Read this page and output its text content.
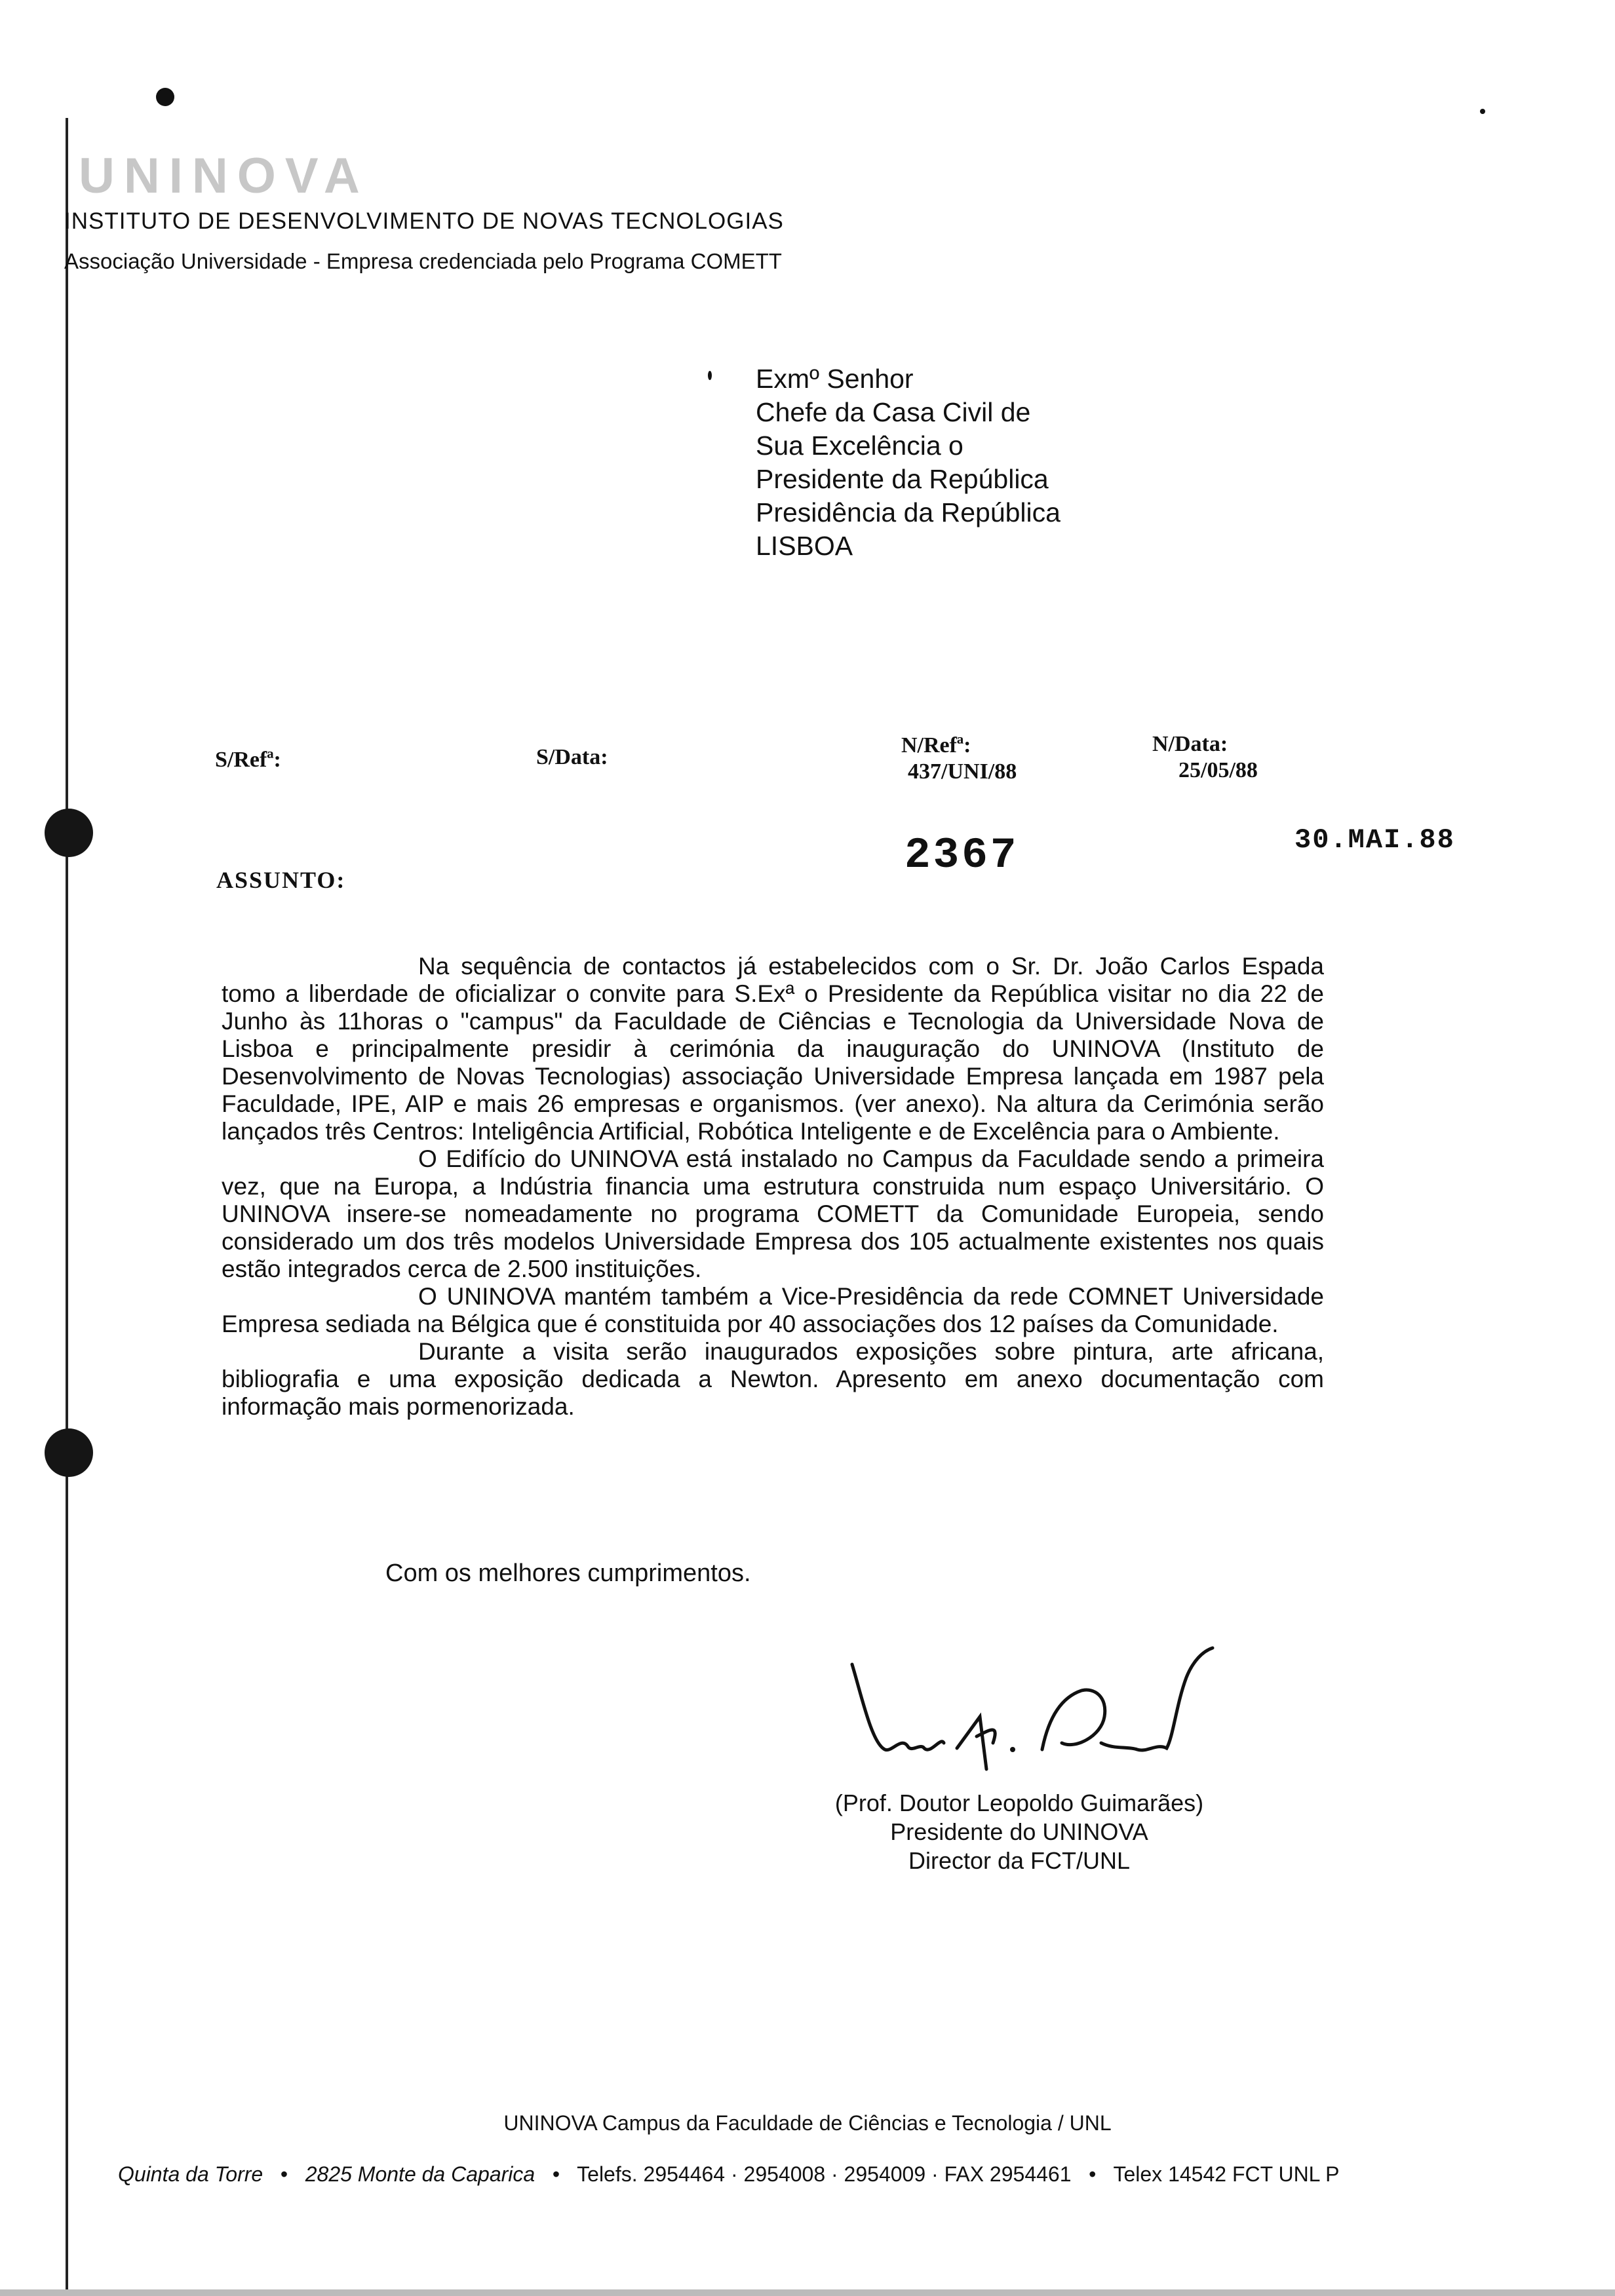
UNINOVA
INSTITUTO DE DESENVOLVIMENTO DE NOVAS TECNOLOGIAS
Associação Universidade - Empresa credenciada pelo Programa COMETT
Exmº Senhor
Chefe da Casa Civil de
Sua Excelência o
Presidente da República
Presidência da República
LISBOA
S/Refª:	S/Data:	N/Refª:
437/UNI/88
N/Data:
25/05/88
2367	30.MAI.88
ASSUNTO:

Na sequência de contactos já estabelecidos com o Sr. Dr. João Carlos Espada tomo a liberdade de oficializar o convite para S.Exª o Presidente da República visitar no dia 22 de Junho às 11horas o "campus" da Faculdade de Ciências e Tecnologia da Universidade Nova de Lisboa e principalmente presidir à cerimónia da inauguração do UNINOVA (Instituto de Desenvolvimento de Novas Tecnologias) associação Universidade Empresa lançada em 1987 pela Faculdade, IPE, AIP e mais 26 empresas e organismos. (ver anexo). Na altura da Cerimónia serão lançados três Centros: Inteligência Artificial, Robótica Inteligente e de Excelência para o Ambiente.

O Edifício do UNINOVA está instalado no Campus da Faculdade sendo a primeira vez, que na Europa, a Indústria financia uma estrutura construida num espaço Universitário. O UNINOVA insere-se nomeadamente no programa COMETT da Comunidade Europeia, sendo considerado um dos três modelos Universidade Empresa dos 105 actualmente existentes nos quais estão integrados cerca de 2.500 instituições.

O UNINOVA mantém também a Vice-Presidência da rede COMNET Universidade Empresa sediada na Bélgica que é constituida por 40 associações dos 12 países da Comunidade.

Durante a visita serão inaugurados exposições sobre pintura, arte africana, bibliografia e uma exposição dedicada a Newton. Apresento em anexo documentação com informação mais pormenorizada.

Com os melhores cumprimentos.
(Prof. Doutor Leopoldo Guimarães)
Presidente do UNINOVA
Director da FCT/UNL
UNINOVA Campus da Faculdade de Ciências e Tecnologia / UNL
Quinta da Torre   •   2825 Monte da Caparica   •   Telefs. 2954464 · 2954008 · 2954009 · FAX 2954461   •   Telex 14542 FCT UNL P
